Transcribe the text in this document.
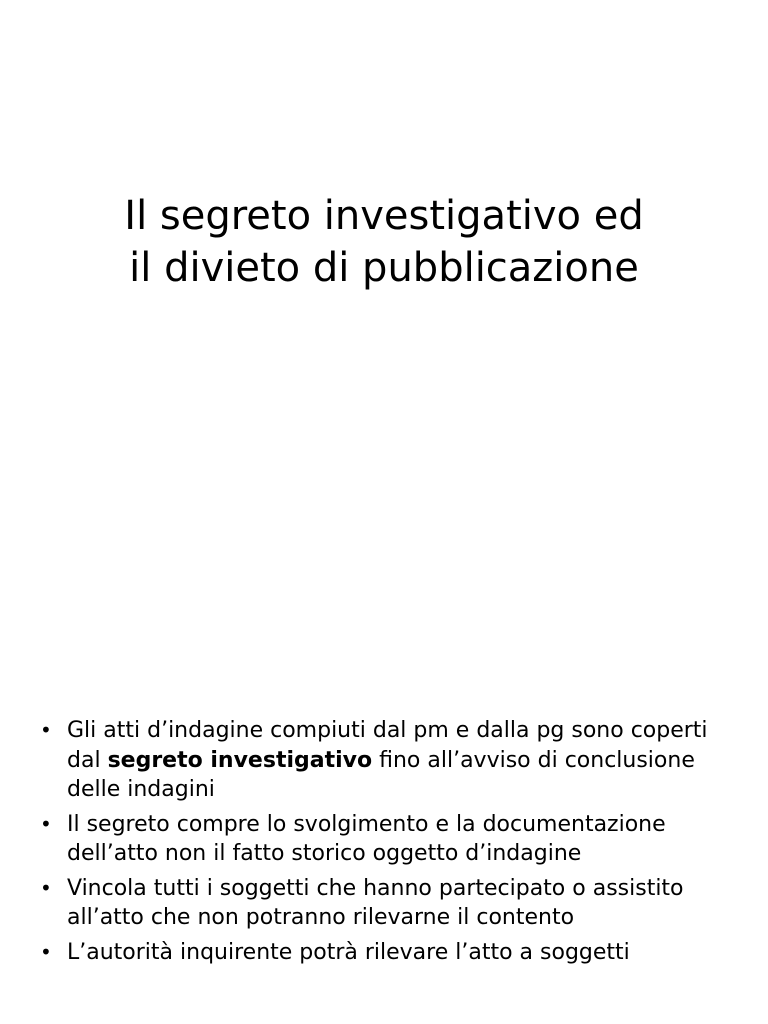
Il segreto investigativo ed
il divieto di pubblicazione
• Gli atti d’indagine compiuti dal pm e dalla pg sono coperti dal segreto investigativo fino all’avviso di conclusione delle indagini
• Il segreto compre lo svolgimento e la documentazione dell’atto non il fatto storico oggetto d’indagine
• Vincola tutti i soggetti che hanno partecipato o assistito all’atto che non potranno rilevarne il contento
• L’autorità inquirente potrà rilevare l’atto a soggetti
